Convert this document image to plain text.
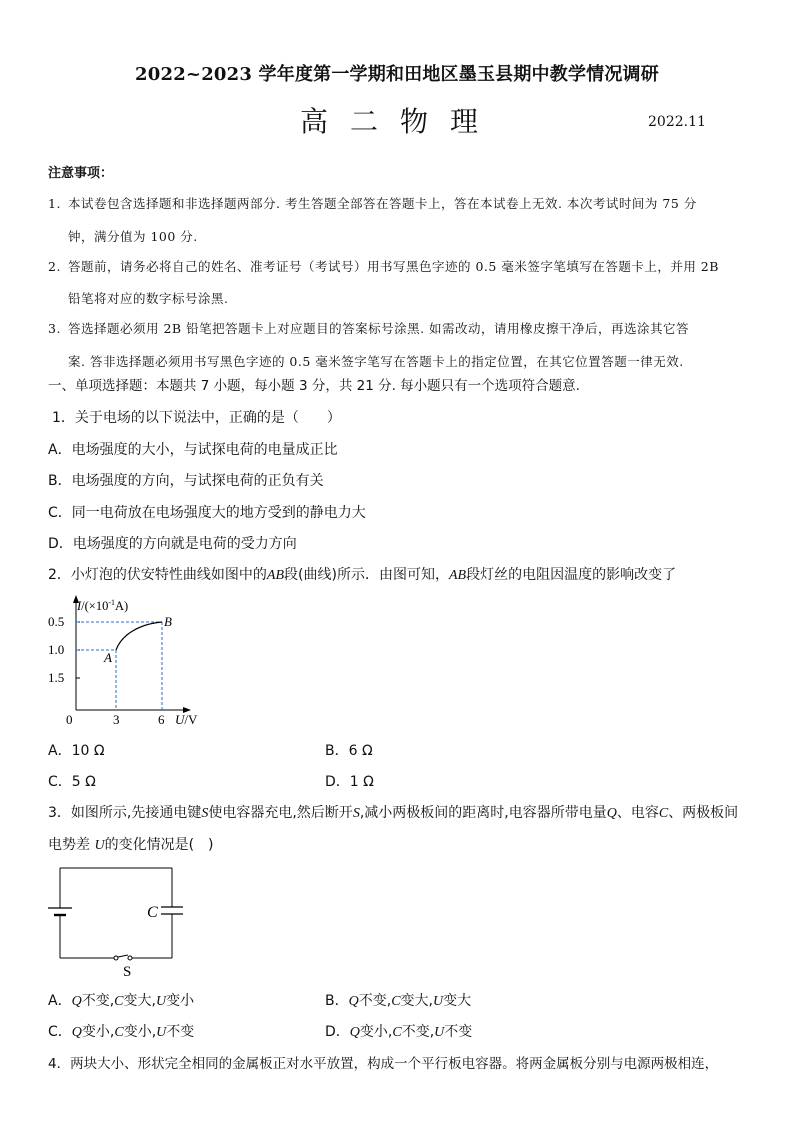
2022~2023 学年度第一学期和田地区墨玉县期中教学情况调研
高二物理	2022.11
注意事项：
1. 本试卷包含选择题和非选择题两部分. 考生答题全部答在答题卡上，答在本试卷上无效. 本次考试时间为 75 分
钟，满分值为 100 分.
2. 答题前，请务必将自己的姓名、准考证号（考试号）用书写黑色字迹的 0.5 毫米签字笔填写在答题卡上，并用 2B
铅笔将对应的数字标号涂黑.
3. 答选择题必须用 2B 铅笔把答题卡上对应题目的答案标号涂黑. 如需改动，请用橡皮擦干净后，再选涂其它答
案. 答非选择题必须用书写黑色字迹的 0.5 毫米签字笔写在答题卡上的指定位置，在其它位置答题一律无效.
一、单项选择题：本题共 7 小题，每小题 3 分，共 21 分. 每小题只有一个选项符合题意.
1．关于电场的以下说法中，正确的是（　　）
A．电场强度的大小，与试探电荷的电量成正比
B．电场强度的方向，与试探电荷的正负有关
C．同一电荷放在电场强度大的地方受到的静电力大
D．电场强度的方向就是电荷的受力方向
2．小灯泡的伏安特性曲线如图中的AB段(曲线)所示．由图可知，AB段灯丝的电阻因温度的影响改变了
$I/(\times 10^{-1}A)$
0.5
1.0
1.5
0	3	6 U/V
A
B
A．10 Ω	B．6 Ω
C．5 Ω	D．1 Ω
3．如图所示,先接通电键S使电容器充电,然后断开S,减小两极板间的距离时,电容器所带电量Q、电容C、两极板间
电势差 U的变化情况是(　)
C
S
A．Q不变,C变大,U变小	B．Q不变,C变大,U变大
C．Q变小,C变小,U不变	D．Q变小,C不变,U不变
4．两块大小、形状完全相同的金属板正对水平放置，构成一个平行板电容器。将两金属板分别与电源两极相连，
